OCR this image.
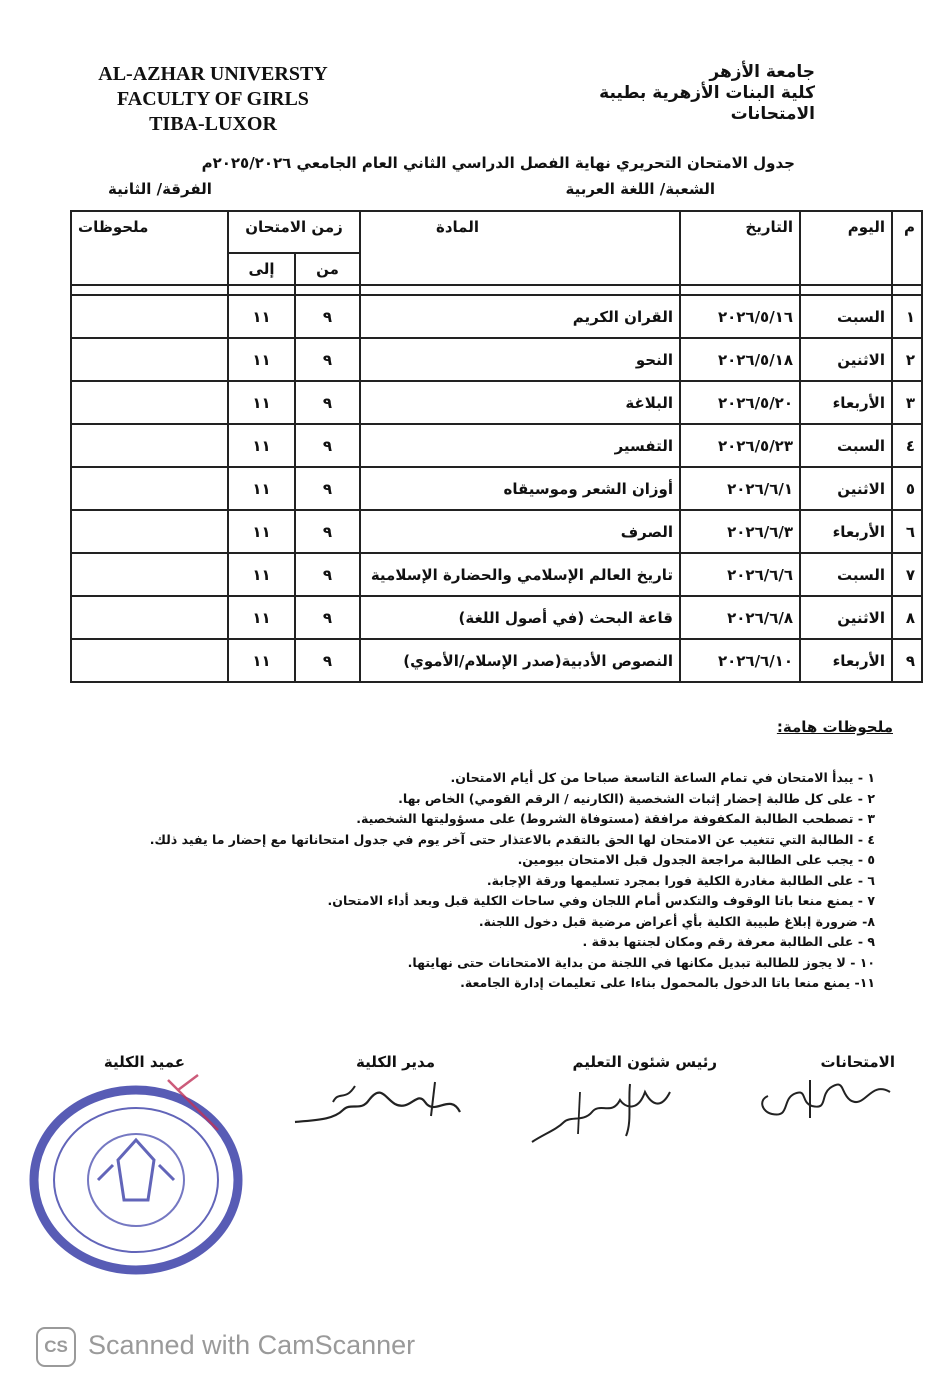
AL-AZHAR UNIVERSTY
FACULTY OF GIRLS
TIBA-LUXOR
جامعة الأزهر
كلية البنات الأزهرية بطيبة
الامتحانات
جدول الامتحان التحريري نهاية الفصل الدراسي الثاني العام الجامعي ٢٠٢٥/٢٠٢٦م
الشعبة/ اللغة العربية
الفرقة/ الثانية
م	اليوم	التاريخ	المادة	زمن الامتحان		ملحوظات
				من	إلى	

١	السبت	٢٠٢٦/٥/١٦	القران الكريم	٩	١١	
٢	الاثنين	٢٠٢٦/٥/١٨	النحو	٩	١١	
٣	الأربعاء	٢٠٢٦/٥/٢٠	البلاغة	٩	١١	
٤	السبت	٢٠٢٦/٥/٢٣	التفسير	٩	١١	
٥	الاثنين	٢٠٢٦/٦/١	أوزان الشعر وموسيقاه	٩	١١	
٦	الأربعاء	٢٠٢٦/٦/٣	الصرف	٩	١١	
٧	السبت	٢٠٢٦/٦/٦	تاريخ العالم الإسلامي والحضارة الإسلامية	٩	١١	
٨	الاثنين	٢٠٢٦/٦/٨	قاعة البحث (في أصول اللغة)	٩	١١	
٩	الأربعاء	٢٠٢٦/٦/١٠	النصوص الأدبية(صدر الإسلام/الأموي)	٩	١١	
ملحوظات هامة:
١ - يبدأ الامتحان في تمام الساعة التاسعة صباحا من كل أيام الامتحان.
٢ - على كل طالبة إحضار إثبات الشخصية (الكارنيه / الرقم القومي) الخاص بها.
٣ - تصطحب الطالبة المكفوفة مرافقة (مستوفاة الشروط) على مسؤوليتها الشخصية.
٤ - الطالبة التي تتغيب عن الامتحان لها الحق بالتقدم بالاعتذار حتى آخر يوم في جدول امتحاناتها مع إحضار ما يفيد ذلك.
٥ - يجب على الطالبة مراجعة الجدول قبل الامتحان بيومين.
٦ - على الطالبة مغادرة الكلية فورا بمجرد تسليمها ورقة الإجابة.
٧ - يمنع منعا باتا الوقوف والتكدس أمام اللجان وفي ساحات الكلية قبل وبعد أداء الامتحان.
٨- ضرورة إبلاغ طبيبة الكلية بأي أعراض مرضية قبل دخول اللجنة.
٩ - على الطالبة معرفة رقم ومكان لجنتها بدقة .
١٠ - لا يجوز للطالبة تبديل مكانها في اللجنة من بداية الامتحانات حتى نهايتها.
١١- يمنع منعا باتا الدخول بالمحمول بناءا على تعليمات إدارة الجامعة.
الامتحانات
رئيس شئون التعليم
مدير الكلية
عميد الكلية
CS Scanned with CamScanner
